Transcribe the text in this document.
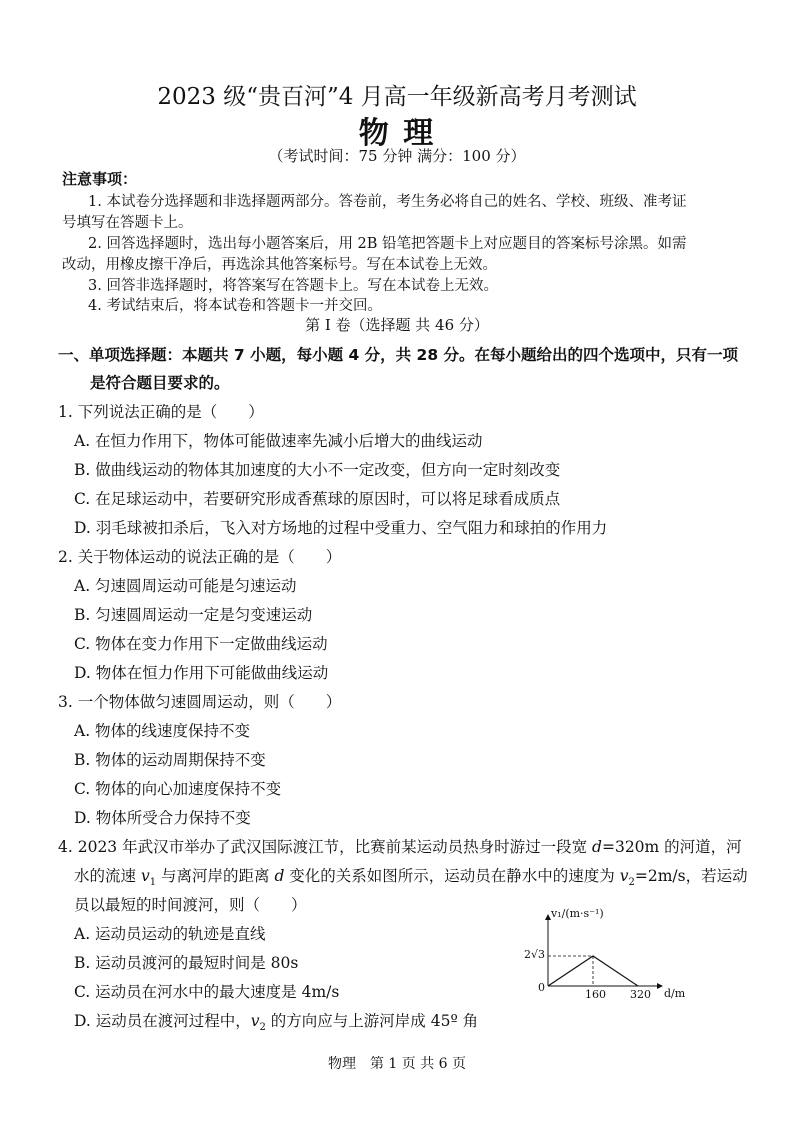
2023 级“贵百河”4 月高一年级新高考月考测试
物 理
（考试时间：75 分钟 满分：100 分）
注意事项：
1. 本试卷分选择题和非选择题两部分。答卷前，考生务必将自己的姓名、学校、班级、准考证
号填写在答题卡上。
2. 回答选择题时，选出每小题答案后，用 2B 铅笔把答题卡上对应题目的答案标号涂黑。如需
改动，用橡皮擦干净后，再选涂其他答案标号。写在本试卷上无效。
3. 回答非选择题时，将答案写在答题卡上。写在本试卷上无效。
4. 考试结束后，将本试卷和答题卡一并交回。
第 I 卷（选择题 共 46 分）
一、单项选择题：本题共 7 小题，每小题 4 分，共 28 分。在每小题给出的四个选项中，只有一项
是符合题目要求的。
1. 下列说法正确的是（　　）
A. 在恒力作用下，物体可能做速率先减小后增大的曲线运动
B. 做曲线运动的物体其加速度的大小不一定改变，但方向一定时刻改变
C. 在足球运动中，若要研究形成香蕉球的原因时，可以将足球看成质点
D. 羽毛球被扣杀后，飞入对方场地的过程中受重力、空气阻力和球拍的作用力
2. 关于物体运动的说法正确的是（　　）
A. 匀速圆周运动可能是匀速运动
B. 匀速圆周运动一定是匀变速运动
C. 物体在变力作用下一定做曲线运动
D. 物体在恒力作用下可能做曲线运动
3. 一个物体做匀速圆周运动，则（　　）
A. 物体的线速度保持不变
B. 物体的运动周期保持不变
C. 物体的向心加速度保持不变
D. 物体所受合力保持不变
4. 2023 年武汉市举办了武汉国际渡江节，比赛前某运动员热身时游过一段宽 d=320m 的河道，河
水的流速 $v_1$ 与离河岸的距离 d 变化的关系如图所示，运动员在静水中的速度为 $v_2=2m/s$，若运动
员以最短的时间渡河，则（　　）
A. 运动员运动的轨迹是直线
B. 运动员渡河的最短时间是 80s
C. 运动员在河水中的最大速度是 4m/s
D. 运动员在渡河过程中，$v_2$ 的方向应与上游河岸成 45º 角
v₁/(m·s⁻¹)
d/m
2√3
0
160 320
物理　第 1 页 共 6 页
